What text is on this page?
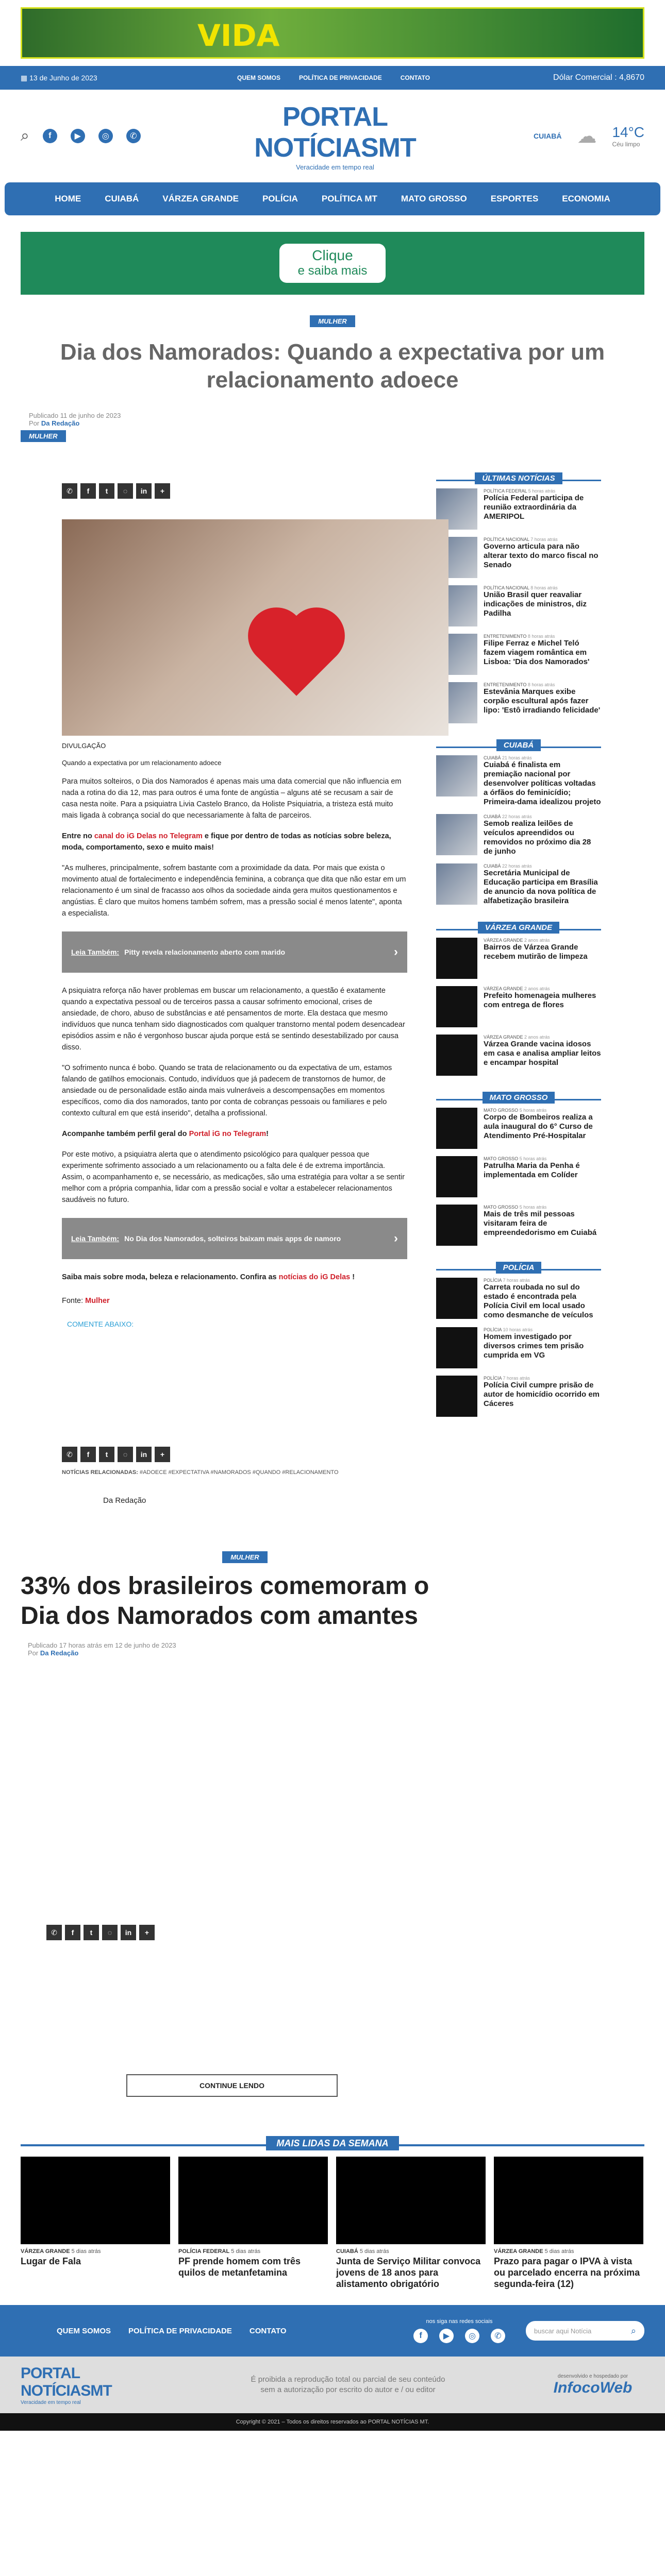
VIDA
▦ 13 de Junho de 2023	QUEM SOMOS	POLÍTICA DE PRIVACIDADE	CONTATO	Dólar Comercial : 4,8670
⌕	f	▶	◎	✆
PORTAL NOTÍCIASMT
Veracidade em tempo real
CUIABÁ ☁ 14°C
Céu limpo
HOME	CUIABÁ	VÁRZEA GRANDE	POLÍCIA	POLÍTICA MT	MATO GROSSO	ESPORTES	ECONOMIA
Clique
e saiba mais
MULHER
Dia dos Namorados: Quando a expectativa por um relacionamento adoece
Publicado 11 de junho de 2023
Por Da Redação
MULHER
✆	f	t	◌	in	+
DIVULGAÇÃO
Quando a expectativa por um relacionamento adoece

Para muitos solteiros, o Dia dos Namorados é apenas mais uma data comercial que não influencia em nada a rotina do dia 12, mas para outros é uma fonte de angústia – alguns até se recusam a sair de casa nesta noite. Para a psiquiatra Livia Castelo Branco, da Holiste Psiquiatria, a tristeza está muito mais ligada à cobrança social do que necessariamente à falta de parceiros.

Entre no canal do iG Delas no Telegram e fique por dentro de todas as notícias sobre beleza, moda, comportamento, sexo e muito mais!

"As mulheres, principalmente, sofrem bastante com a proximidade da data. Por mais que exista o movimento atual de fortalecimento e independência feminina, a cobrança que dita que não estar em um relacionamento é um sinal de fracasso aos olhos da sociedade ainda gera muitos questionamentos e angústias. É claro que muitos homens também sofrem, mas a pressão social é menos latente", aponta a especialista.

Leia Também: Pitty revela relacionamento aberto com marido	›

A psiquiatra reforça não haver problemas em buscar um relacionamento, a questão é exatamente quando a expectativa pessoal ou de terceiros passa a causar sofrimento emocional, crises de ansiedade, de choro, abuso de substâncias e até pensamentos de morte. Ela destaca que mesmo indivíduos que nunca tenham sido diagnosticados com qualquer transtorno mental podem desencadear episódios assim e não é vergonhoso buscar ajuda porque está se sentindo desestabilizado por causa disso.

"O sofrimento nunca é bobo. Quando se trata de relacionamento ou da expectativa de um, estamos falando de gatilhos emocionais. Contudo, indivíduos que já padecem de transtornos de humor, de ansiedade ou de personalidade estão ainda mais vulneráveis a descompensações em momentos específicos, como dia dos namorados, tanto por conta de cobranças pessoais ou familiares e pelo contexto cultural em que está inserido", detalha a profissional.

Acompanhe também perfil geral do Portal iG no Telegram!

Por este motivo, a psiquiatra alerta que o atendimento psicológico para qualquer pessoa que experimente sofrimento associado a um relacionamento ou a falta dele é de extrema importância. Assim, o acompanhamento e, se necessário, as medicações, são uma estratégia para voltar a se sentir melhor com a própria companhia, lidar com a pressão social e voltar a estabelecer relacionamentos saudáveis no futuro.

Leia Também: No Dia dos Namorados, solteiros baixam mais apps de namoro	›

Saiba mais sobre moda, beleza e relacionamento. Confira as notícias do iG Delas !

Fonte: Mulher

COMENTE ABAIXO:
✆	f	t	◌	in	+
NOTÍCIAS RELACIONADAS: #ADOECE #EXPECTATIVA #NAMORADOS #QUANDO #RELACIONAMENTO
Da Redação
ÚLTIMAS NOTÍCIAS
POLÍTICA FEDERAL 5 horas atrás
Polícia Federal participa de reunião extraordinária da AMERIPOL
POLÍTICA NACIONAL 7 horas atrás
Governo articula para não alterar texto do marco fiscal no Senado
POLÍTICA NACIONAL 8 horas atrás
União Brasil quer reavaliar indicações de ministros, diz Padilha
ENTRETENIMENTO 8 horas atrás
Filipe Ferraz e Michel Teló fazem viagem romântica em Lisboa: 'Dia dos Namorados'
ENTRETENIMENTO 8 horas atrás
Estevânia Marques exibe corpão escultural após fazer lipo: 'Estô irradiando felicidade'
CUIABÁ
CUIABÁ 21 horas atrás
Cuiabá é finalista em premiação nacional por desenvolver políticas voltadas a órfãos do feminicídio; Primeira-dama idealizou projeto
CUIABÁ 22 horas atrás
Semob realiza leilões de veículos apreendidos ou removidos no próximo dia 28 de junho
CUIABÁ 22 horas atrás
Secretária Municipal de Educação participa em Brasília de anuncio da nova política de alfabetização brasileira
VÁRZEA GRANDE
VÁRZEA GRANDE 2 anos atrás
Bairros de Várzea Grande recebem mutirão de limpeza
VÁRZEA GRANDE 2 anos atrás
Prefeito homenageia mulheres com entrega de flores
VÁRZEA GRANDE 2 anos atrás
Várzea Grande vacina idosos em casa e analisa ampliar leitos e encampar hospital
MATO GROSSO
MATO GROSSO 5 horas atrás
Corpo de Bombeiros realiza a aula inaugural do 6° Curso de Atendimento Pré-Hospitalar
MATO GROSSO 5 horas atrás
Patrulha Maria da Penha é implementada em Colíder
MATO GROSSO 5 horas atrás
Mais de três mil pessoas visitaram feira de empreendedorismo em Cuiabá
POLÍCIA
POLÍCIA 7 horas atrás
Carreta roubada no sul do estado é encontrada pela Polícia Civil em local usado como desmanche de veículos
POLÍCIA 10 horas atrás
Homem investigado por diversos crimes tem prisão cumprida em VG
POLÍCIA 7 horas atrás
Polícia Civil cumpre prisão de autor de homicídio ocorrido em Cáceres
MULHER
33% dos brasileiros comemoram o Dia dos Namorados com amantes
Publicado 17 horas atrás em 12 de junho de 2023
Por Da Redação
✆	f	t	◌	in	+
CONTINUE LENDO
MAIS LIDAS DA SEMANA
VÁRZEA GRANDE 5 dias atrás
Lugar de Fala
POLÍCIA FEDERAL 5 dias atrás
PF prende homem com três quilos de metanfetamina
CUIABÁ 5 dias atrás
Junta de Serviço Militar convoca jovens de 18 anos para alistamento obrigatório
VÁRZEA GRANDE 5 dias atrás
Prazo para pagar o IPVA à vista ou parcelado encerra na próxima segunda-feira (12)
QUEM SOMOS POLÍTICA DE PRIVACIDADE CONTATO
nos siga nas redes sociais
f	▶	◎	✆
buscar aqui Notícia	⌕
PORTAL NOTÍCIASMT
Veracidade em tempo real
É proibida a reprodução total ou parcial de seu conteúdo
sem a autorização por escrito do autor e / ou editor
desenvolvido e hospedado por
InfocoWeb
Copyright © 2021 – Todos os direitos reservados ao PORTAL NOTÍCIAS MT.
